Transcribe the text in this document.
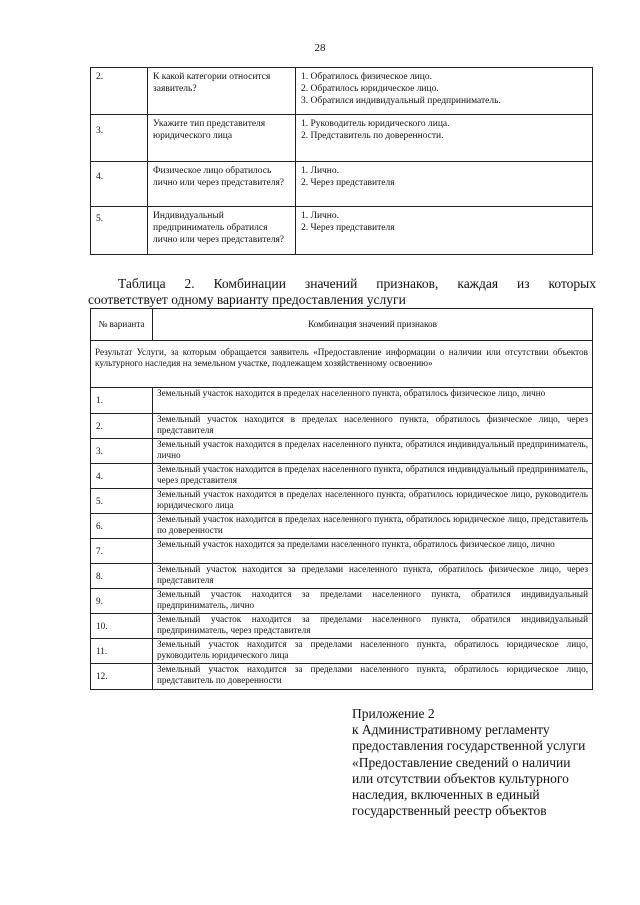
28
2.	К какой категории относится заявитель?	1. Обратилось физическое лицо.
2. Обратилось юридическое лицо.
3. Обратился индивидуальный предприниматель.

3.	Укажите тип представителя юридического лица	1. Руководитель юридического лица.
2. Представитель по доверенности.

4.	Физическое лицо обратилось лично или через представителя?	1. Лично.
2. Через представителя

5.	Индивидуальный предприниматель обратился лично или через представителя?	1. Лично.
2. Через представителя
Таблица 2. Комбинации значений признаков, каждая из которых
соответствует одному варианту предоставления услуги
№ варианта	Комбинация значений признаков
Результат Услуги, за которым обращается заявитель «Предоставление информации о наличии или отсутствии объектов культурного наследия на земельном участке, подлежащем хозяйственному освоению»	
1.	Земельный участок находится в пределах населенного пункта, обратилось физическое лицо, лично
2.	Земельный участок находится в пределах населенного пункта, обратилось физическое лицо, через представителя
3.	Земельный участок находится в пределах населенного пункта, обратился индивидуальный предприниматель, лично
4.	Земельный участок находится в пределах населенного пункта, обратился индивидуальный предприниматель, через представителя
5.	Земельный участок находится в пределах населенного пункта, обратилось юридическое лицо, руководитель юридического лица
6.	Земельный участок находится в пределах населенного пункта, обратилось юридическое лицо, представитель по доверенности
7.	Земельный участок находится за пределами населенного пункта, обратилось физическое лицо, лично
8.	Земельный участок находится за пределами населенного пункта, обратилось физическое лицо, через представителя
9.	Земельный участок находится за пределами населенного пункта, обратился индивидуальный предприниматель, лично
10.	Земельный участок находится за пределами населенного пункта, обратился индивидуальный предприниматель, через представителя
11.	Земельный участок находится за пределами населенного пункта, обратилось юридическое лицо, руководитель юридического лица
12.	Земельный участок находится за пределами населенного пункта, обратилось юридическое лицо, представитель по доверенности
Приложение 2
к Административному регламенту
предоставления государственной услуги
«Предоставление сведений о наличии
или отсутствии объектов культурного
наследия, включенных в единый
государственный реестр объектов
